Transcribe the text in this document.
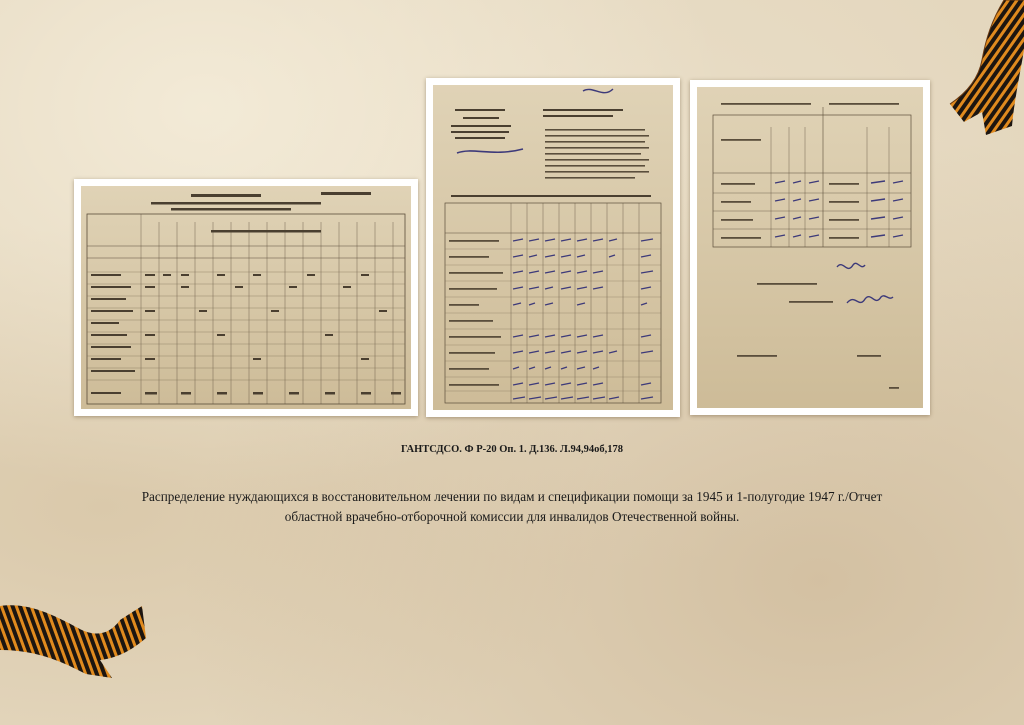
ГАНТСДСО. Ф Р-20 Оп. 1. Д.136. Л.94,94об,178

Распределение нуждающихся в восстановительном лечении по видам и спецификации помощи за 1945 и 1-полугодие 1947 г./Отчет
областной врачебно-отборочной комиссии для инвалидов Отечественной войны.
